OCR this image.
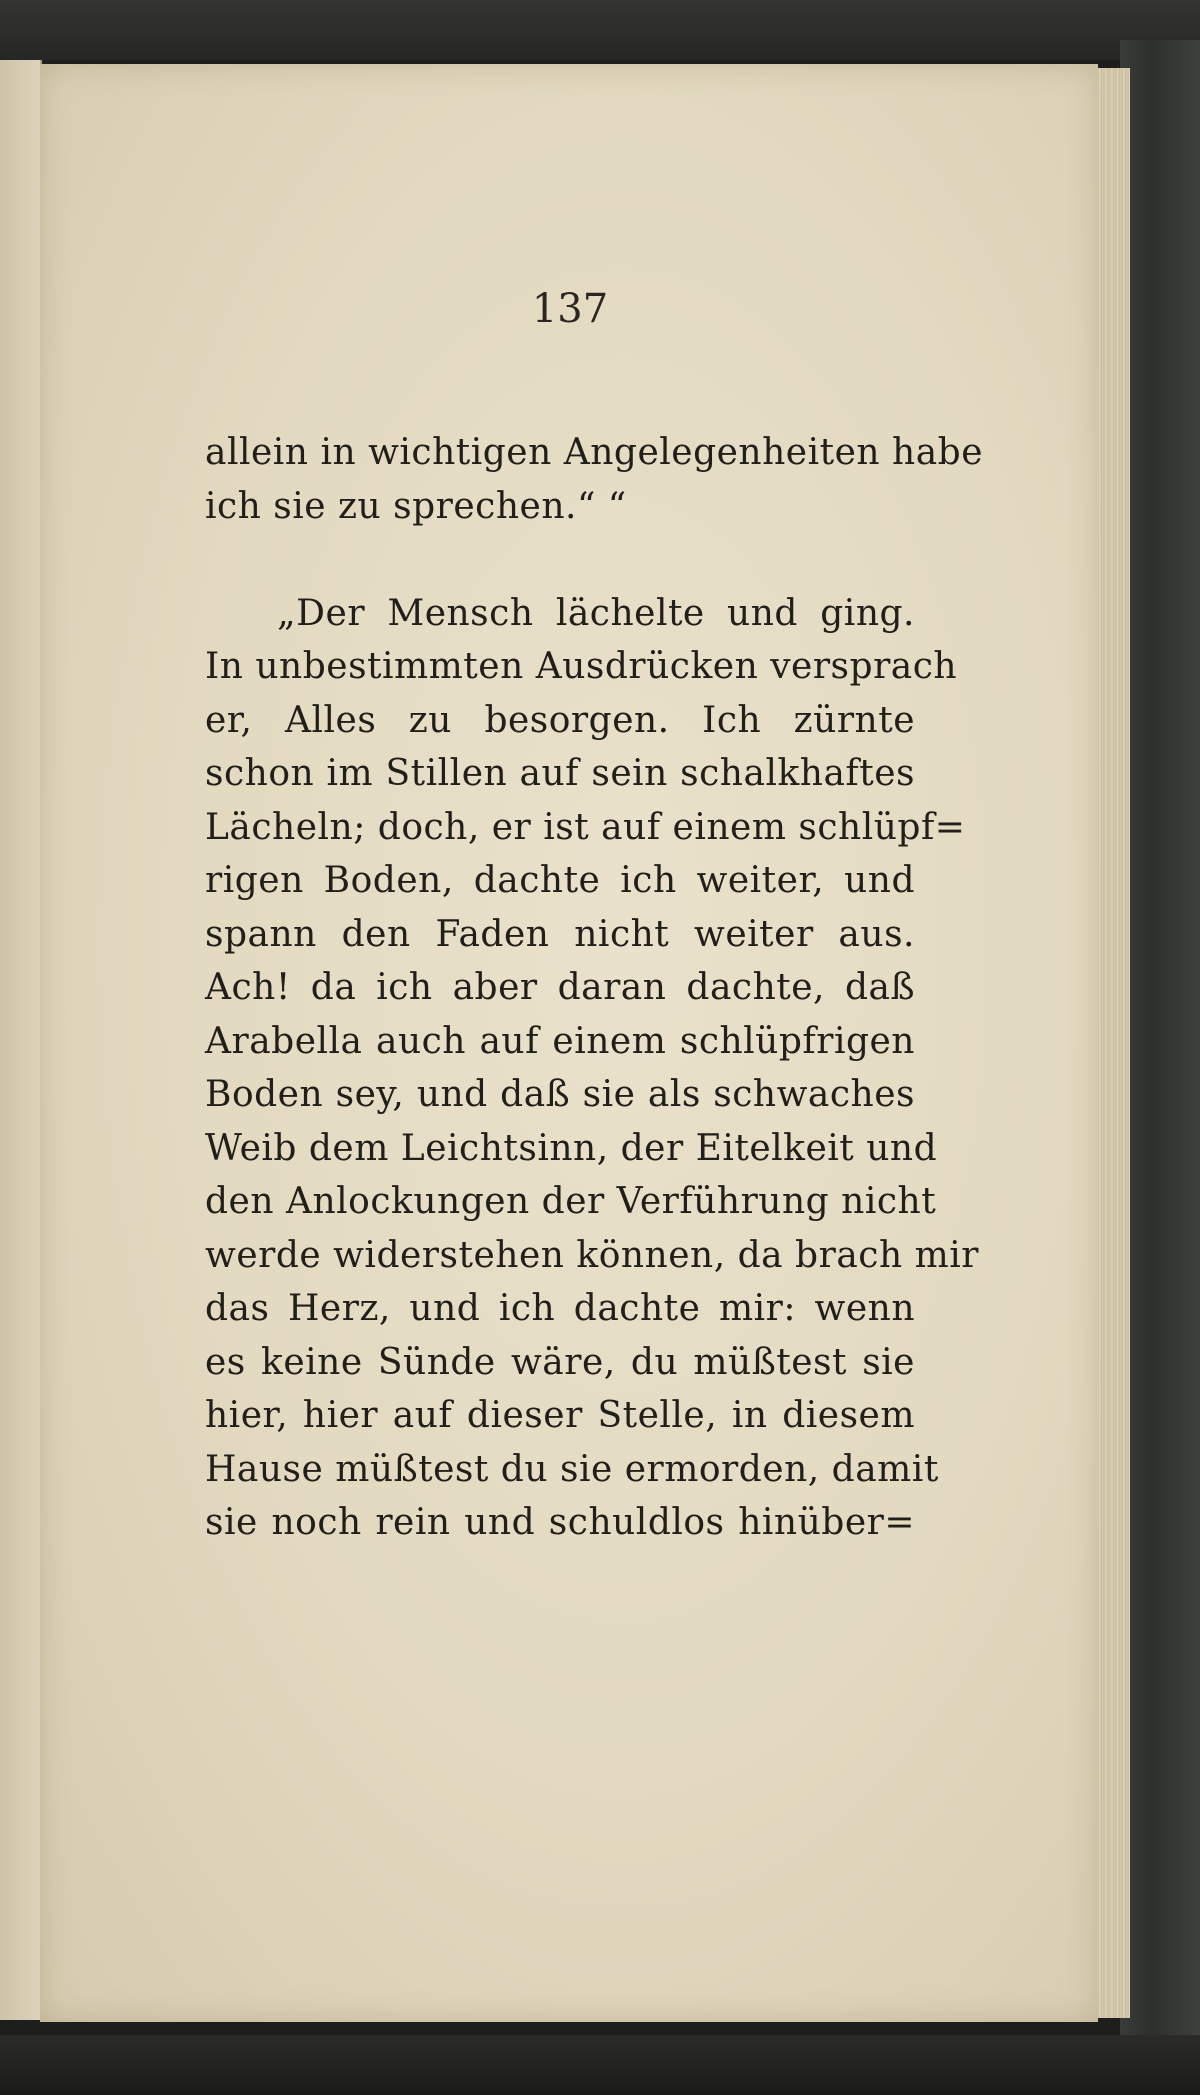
137
allein in wichtigen Angelegenheiten habe
ich sie zu sprechen.“ “
„Der Mensch lächelte und ging.
In unbestimmten Ausdrücken versprach
er, Alles zu besorgen. Ich zürnte
schon im Stillen auf sein schalkhaftes
Lächeln; doch, er ist auf einem schlüpf=
rigen Boden, dachte ich weiter, und
spann den Faden nicht weiter aus.
Ach! da ich aber daran dachte, daß
Arabella auch auf einem schlüpfrigen
Boden sey, und daß sie als schwaches
Weib dem Leichtsinn, der Eitelkeit und
den Anlockungen der Verführung nicht
werde widerstehen können, da brach mir
das Herz, und ich dachte mir: wenn
es keine Sünde wäre, du müßtest sie
hier, hier auf dieser Stelle, in diesem
Hause müßtest du sie ermorden, damit
sie noch rein und schuldlos hinüber=
